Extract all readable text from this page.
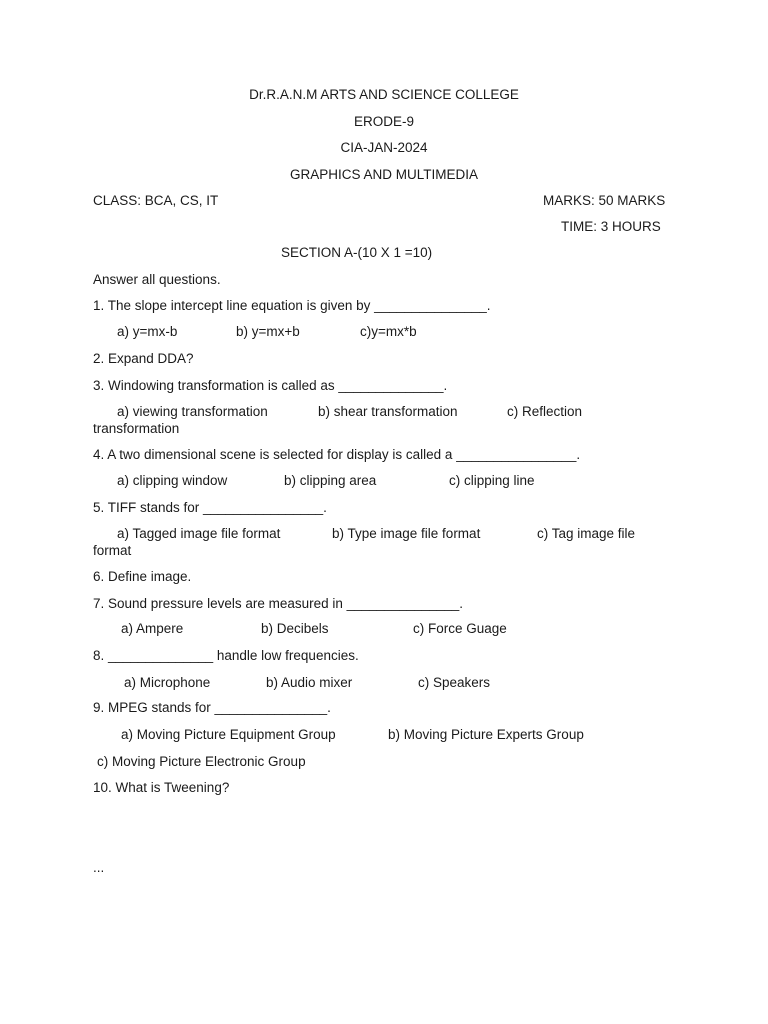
Dr.R.A.N.M ARTS AND SCIENCE COLLEGE
ERODE-9
CIA-JAN-2024
GRAPHICS AND MULTIMEDIA
CLASS: BCA, CS, IT	MARKS: 50 MARKS
TIME: 3 HOURS
SECTION A-(10 X 1 =10)
Answer all questions.
1. The slope intercept line equation is given by _______________.
a) y=mx-b	b) y=mx+b	c)y=mx*b
2. Expand DDA?
3. Windowing transformation is called as ______________.
a) viewing transformation	b) shear transformation	c) Reflection
transformation
4. A two dimensional scene is selected for display is called a ________________.
a) clipping window	b) clipping area	c) clipping line
5. TIFF stands for ________________.
a) Tagged image file format	b) Type image file format	c) Tag image file
format
6. Define image.
7. Sound pressure levels are measured in _______________.
a) Ampere	b) Decibels	c) Force Guage
8. ______________ handle low frequencies.
a) Microphone	b) Audio mixer	c) Speakers
9. MPEG stands for _______________.
a) Moving Picture Equipment Group	b) Moving Picture Experts Group
c) Moving Picture Electronic Group
10. What is Tweening?
...
